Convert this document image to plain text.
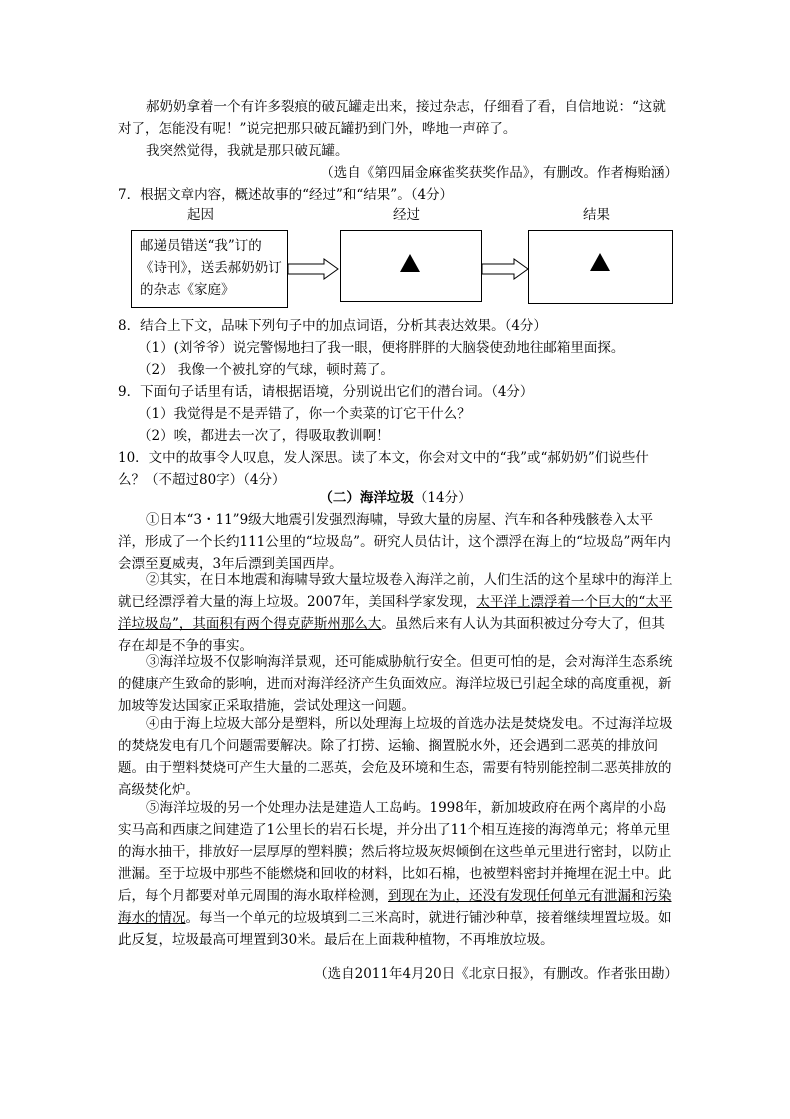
郝奶奶拿着一个有许多裂痕的破瓦罐走出来，接过杂志，仔细看了看，自信地说：“这就对了，怎能没有呢！”说完把那只破瓦罐扔到门外，哗地一声碎了。
我突然觉得，我就是那只破瓦罐。
（选自《第四届金麻雀奖获奖作品》，有删改。作者梅贻涵）
7．根据文章内容，概述故事的“经过”和“结果”。（4分）
起因	经过	结果
邮递员错送“我”订的《诗刊》，送丢郝奶奶订的杂志《家庭》
8．结合上下文，品味下列句子中的加点词语，分析其表达效果。（4分）
（1）(刘爷爷）说完警惕地扫了我一眼，便将胖胖的大脑袋使劲地往邮箱里面探。
（2） 我像一个被扎穿的气球，顿时蔫了。
9．下面句子话里有话，请根据语境，分别说出它们的潜台词。（4分）
（1）我觉得是不是弄错了，你一个卖菜的订它干什么？
（2）唉，都进去一次了，得吸取教训啊！
10．文中的故事令人叹息，发人深思。读了本文，你会对文中的“我”或“郝奶奶”们说些什么？（不超过80字）（4分）
（二）海洋垃圾（14分）
①日本“3・11”9级大地震引发强烈海啸，导致大量的房屋、汽车和各种残骸卷入太平洋，形成了一个长约111公里的“垃圾岛”。研究人员估计，这个漂浮在海上的“垃圾岛”两年内会漂至夏威夷，3年后漂到美国西岸。
②其实，在日本地震和海啸导致大量垃圾卷入海洋之前，人们生活的这个星球中的海洋上就已经漂浮着大量的海上垃圾。2007年，美国科学家发现，太平洋上漂浮着一个巨大的“太平洋垃圾岛”，其面积有两个得克萨斯州那么大。虽然后来有人认为其面积被过分夸大了，但其存在却是不争的事实。
③海洋垃圾不仅影响海洋景观，还可能威胁航行安全。但更可怕的是，会对海洋生态系统的健康产生致命的影响，进而对海洋经济产生负面效应。海洋垃圾已引起全球的高度重视，新加坡等发达国家正采取措施，尝试处理这一问题。
④由于海上垃圾大部分是塑料，所以处理海上垃圾的首选办法是焚烧发电。不过海洋垃圾的焚烧发电有几个问题需要解决。除了打捞、运输、搁置脱水外，还会遇到二恶英的排放问题。由于塑料焚烧可产生大量的二恶英，会危及环境和生态，需要有特别能控制二恶英排放的高级焚化炉。
⑤海洋垃圾的另一个处理办法是建造人工岛屿。1998年，新加坡政府在两个离岸的小岛实马高和西康之间建造了1公里长的岩石长堤，并分出了11个相互连接的海湾单元；将单元里的海水抽干，排放好一层厚厚的塑料膜；然后将垃圾灰烬倾倒在这些单元里进行密封，以防止泄漏。至于垃圾中那些不能燃烧和回收的材料，比如石棉，也被塑料密封并掩埋在泥土中。此后，每个月都要对单元周围的海水取样检测，到现在为止，还没有发现任何单元有泄漏和污染海水的情况。每当一个单元的垃圾填到二三米高时，就进行铺沙种草，接着继续埋置垃圾。如此反复，垃圾最高可埋置到30米。最后在上面栽种植物，不再堆放垃圾。
（选自2011年4月20日《北京日报》，有删改。作者张田勘）
